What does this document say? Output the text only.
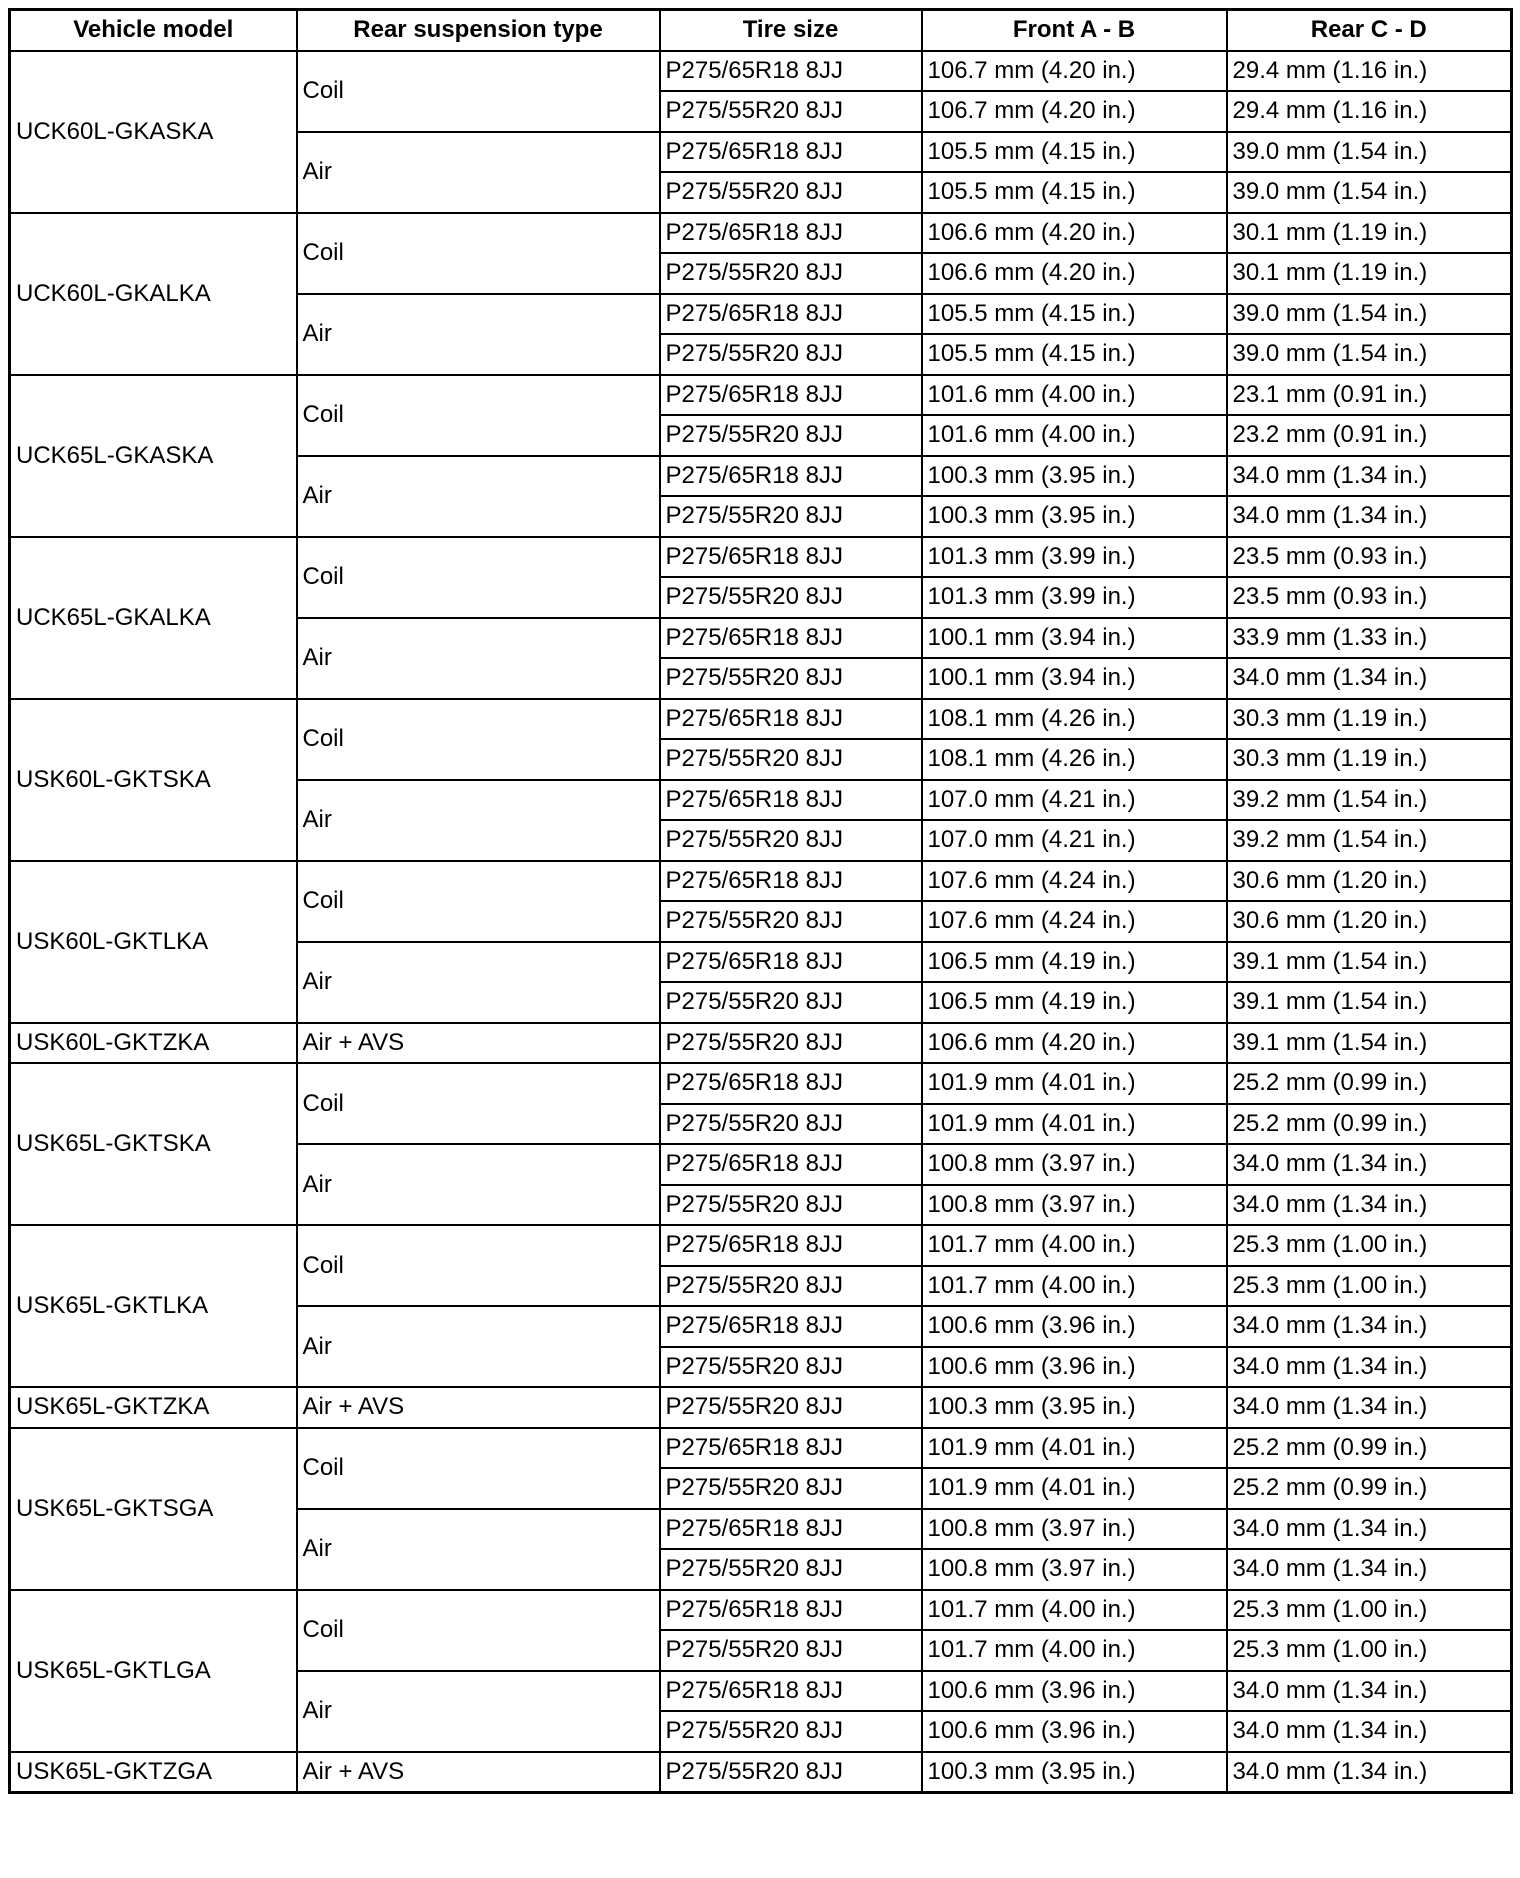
Vehicle model	Rear suspension type	Tire size	Front A - B	Rear C - D
UCK60L-GKASKA	Coil	P275/65R18 8JJ	106.7 mm (4.20 in.)	29.4 mm (1.16 in.)
		P275/55R20 8JJ	106.7 mm (4.20 in.)	29.4 mm (1.16 in.)
	Air	P275/65R18 8JJ	105.5 mm (4.15 in.)	39.0 mm (1.54 in.)
		P275/55R20 8JJ	105.5 mm (4.15 in.)	39.0 mm (1.54 in.)
UCK60L-GKALKA	Coil	P275/65R18 8JJ	106.6 mm (4.20 in.)	30.1 mm (1.19 in.)
		P275/55R20 8JJ	106.6 mm (4.20 in.)	30.1 mm (1.19 in.)
	Air	P275/65R18 8JJ	105.5 mm (4.15 in.)	39.0 mm (1.54 in.)
		P275/55R20 8JJ	105.5 mm (4.15 in.)	39.0 mm (1.54 in.)
UCK65L-GKASKA	Coil	P275/65R18 8JJ	101.6 mm (4.00 in.)	23.1 mm (0.91 in.)
		P275/55R20 8JJ	101.6 mm (4.00 in.)	23.2 mm (0.91 in.)
	Air	P275/65R18 8JJ	100.3 mm (3.95 in.)	34.0 mm (1.34 in.)
		P275/55R20 8JJ	100.3 mm (3.95 in.)	34.0 mm (1.34 in.)
UCK65L-GKALKA	Coil	P275/65R18 8JJ	101.3 mm (3.99 in.)	23.5 mm (0.93 in.)
		P275/55R20 8JJ	101.3 mm (3.99 in.)	23.5 mm (0.93 in.)
	Air	P275/65R18 8JJ	100.1 mm (3.94 in.)	33.9 mm (1.33 in.)
		P275/55R20 8JJ	100.1 mm (3.94 in.)	34.0 mm (1.34 in.)
USK60L-GKTSKA	Coil	P275/65R18 8JJ	108.1 mm (4.26 in.)	30.3 mm (1.19 in.)
		P275/55R20 8JJ	108.1 mm (4.26 in.)	30.3 mm (1.19 in.)
	Air	P275/65R18 8JJ	107.0 mm (4.21 in.)	39.2 mm (1.54 in.)
		P275/55R20 8JJ	107.0 mm (4.21 in.)	39.2 mm (1.54 in.)
USK60L-GKTLKA	Coil	P275/65R18 8JJ	107.6 mm (4.24 in.)	30.6 mm (1.20 in.)
		P275/55R20 8JJ	107.6 mm (4.24 in.)	30.6 mm (1.20 in.)
	Air	P275/65R18 8JJ	106.5 mm (4.19 in.)	39.1 mm (1.54 in.)
		P275/55R20 8JJ	106.5 mm (4.19 in.)	39.1 mm (1.54 in.)
USK60L-GKTZKA	Air + AVS	P275/55R20 8JJ	106.6 mm (4.20 in.)	39.1 mm (1.54 in.)
USK65L-GKTSKA	Coil	P275/65R18 8JJ	101.9 mm (4.01 in.)	25.2 mm (0.99 in.)
		P275/55R20 8JJ	101.9 mm (4.01 in.)	25.2 mm (0.99 in.)
	Air	P275/65R18 8JJ	100.8 mm (3.97 in.)	34.0 mm (1.34 in.)
		P275/55R20 8JJ	100.8 mm (3.97 in.)	34.0 mm (1.34 in.)
USK65L-GKTLKA	Coil	P275/65R18 8JJ	101.7 mm (4.00 in.)	25.3 mm (1.00 in.)
		P275/55R20 8JJ	101.7 mm (4.00 in.)	25.3 mm (1.00 in.)
	Air	P275/65R18 8JJ	100.6 mm (3.96 in.)	34.0 mm (1.34 in.)
		P275/55R20 8JJ	100.6 mm (3.96 in.)	34.0 mm (1.34 in.)
USK65L-GKTZKA	Air + AVS	P275/55R20 8JJ	100.3 mm (3.95 in.)	34.0 mm (1.34 in.)
USK65L-GKTSGA	Coil	P275/65R18 8JJ	101.9 mm (4.01 in.)	25.2 mm (0.99 in.)
		P275/55R20 8JJ	101.9 mm (4.01 in.)	25.2 mm (0.99 in.)
	Air	P275/65R18 8JJ	100.8 mm (3.97 in.)	34.0 mm (1.34 in.)
		P275/55R20 8JJ	100.8 mm (3.97 in.)	34.0 mm (1.34 in.)
USK65L-GKTLGA	Coil	P275/65R18 8JJ	101.7 mm (4.00 in.)	25.3 mm (1.00 in.)
		P275/55R20 8JJ	101.7 mm (4.00 in.)	25.3 mm (1.00 in.)
	Air	P275/65R18 8JJ	100.6 mm (3.96 in.)	34.0 mm (1.34 in.)
		P275/55R20 8JJ	100.6 mm (3.96 in.)	34.0 mm (1.34 in.)
USK65L-GKTZGA	Air + AVS	P275/55R20 8JJ	100.3 mm (3.95 in.)	34.0 mm (1.34 in.)
